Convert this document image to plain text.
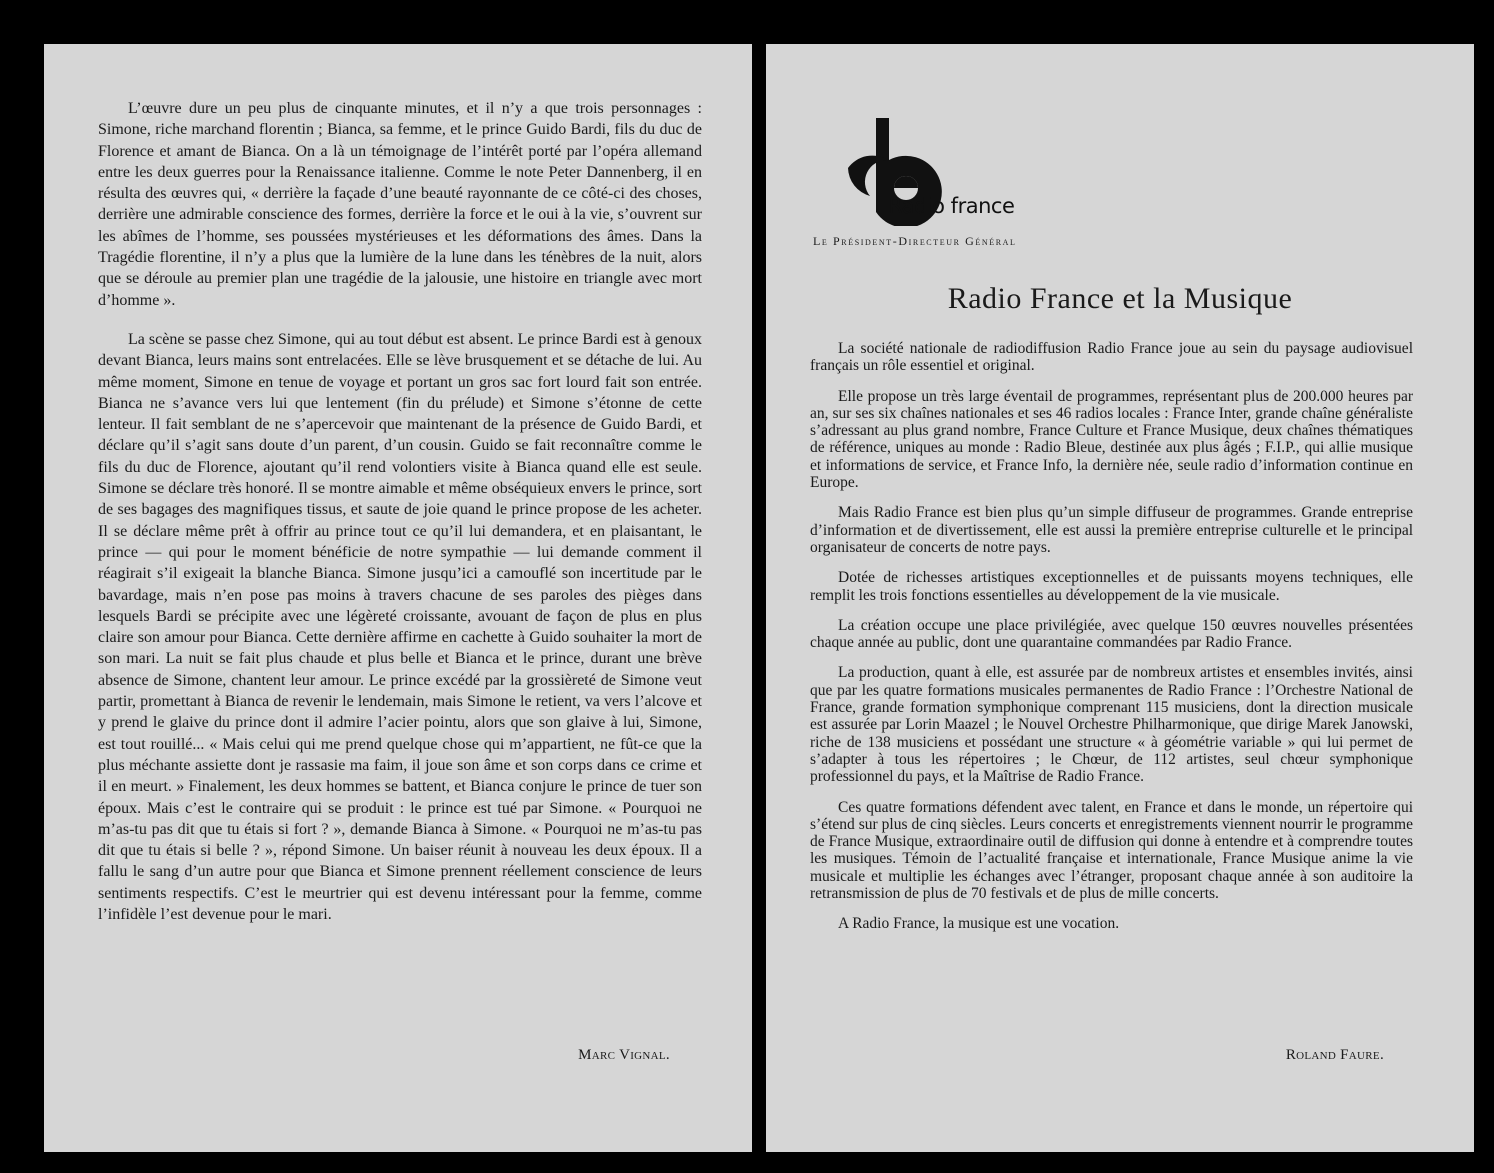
L’œuvre dure un peu plus de cinquante minutes, et il n’y a que trois personnages : Simone, riche marchand florentin ; Bianca, sa femme, et le prince Guido Bardi, fils du duc de Florence et amant de Bianca. On a là un témoignage de l’intérêt porté par l’opéra allemand entre les deux guerres pour la Renaissance italienne. Comme le note Peter Dannenberg, il en résulta des œuvres qui, « derrière la façade d’une beauté rayonnante de ce côté-ci des choses, derrière une admirable conscience des formes, derrière la force et le oui à la vie, s’ouvrent sur les abîmes de l’homme, ses poussées mystérieuses et les déformations des âmes. Dans la Tragédie florentine, il n’y a plus que la lumière de la lune dans les ténèbres de la nuit, alors que se déroule au premier plan une tragédie de la jalousie, une histoire en triangle avec mort d’homme ».

La scène se passe chez Simone, qui au tout début est absent. Le prince Bardi est à genoux devant Bianca, leurs mains sont entrelacées. Elle se lève brusquement et se détache de lui. Au même moment, Simone en tenue de voyage et portant un gros sac fort lourd fait son entrée. Bianca ne s’avance vers lui que lentement (fin du prélude) et Simone s’étonne de cette lenteur. Il fait semblant de ne s’apercevoir que maintenant de la présence de Guido Bardi, et déclare qu’il s’agit sans doute d’un parent, d’un cousin. Guido se fait reconnaître comme le fils du duc de Florence, ajoutant qu’il rend volontiers visite à Bianca quand elle est seule. Simone se déclare très honoré. Il se montre aimable et même obséquieux envers le prince, sort de ses bagages des magnifiques tissus, et saute de joie quand le prince propose de les acheter. Il se déclare même prêt à offrir au prince tout ce qu’il lui demandera, et en plaisantant, le prince — qui pour le moment bénéficie de notre sympathie — lui demande comment il réagirait s’il exigeait la blanche Bianca. Simone jusqu’ici a camouflé son incertitude par le bavardage, mais n’en pose pas moins à travers chacune de ses paroles des pièges dans lesquels Bardi se précipite avec une légèreté croissante, avouant de façon de plus en plus claire son amour pour Bianca. Cette dernière affirme en cachette à Guido souhaiter la mort de son mari. La nuit se fait plus chaude et plus belle et Bianca et le prince, durant une brève absence de Simone, chantent leur amour. Le prince excédé par la grossièreté de Simone veut partir, promettant à Bianca de revenir le lendemain, mais Simone le retient, va vers l’alcove et y prend le glaive du prince dont il admire l’acier pointu, alors que son glaive à lui, Simone, est tout rouillé... « Mais celui qui me prend quelque chose qui m’appartient, ne fût-ce que la plus méchante assiette dont je rassasie ma faim, il joue son âme et son corps dans ce crime et il en meurt. » Finalement, les deux hommes se battent, et Bianca conjure le prince de tuer son époux. Mais c’est le contraire qui se produit : le prince est tué par Simone. « Pourquoi ne m’as-tu pas dit que tu étais si fort ? », demande Bianca à Simone. « Pourquoi ne m’as-tu pas dit que tu étais si belle ? », répond Simone. Un baiser réunit à nouveau les deux époux. Il a fallu le sang d’un autre pour que Bianca et Simone prennent réellement conscience de leurs sentiments respectifs. C’est le meurtrier qui est devenu intéressant pour la femme, comme l’infidèle l’est devenue pour le mari.

Marc Vignal.
Radio france
Le Président-Directeur Général
Radio France et la Musique

La société nationale de radiodiffusion Radio France joue au sein du paysage audiovisuel français un rôle essentiel et original.

Elle propose un très large éventail de programmes, représentant plus de 200.000 heures par an, sur ses six chaînes nationales et ses 46 radios locales : France Inter, grande chaîne généraliste s’adressant au plus grand nombre, France Culture et France Musique, deux chaînes thématiques de référence, uniques au monde : Radio Bleue, destinée aux plus âgés ; F.I.P., qui allie musique et informations de service, et France Info, la dernière née, seule radio d’information continue en Europe.

Mais Radio France est bien plus qu’un simple diffuseur de programmes. Grande entreprise d’information et de divertissement, elle est aussi la première entreprise culturelle et le principal organisateur de concerts de notre pays.

Dotée de richesses artistiques exceptionnelles et de puissants moyens techniques, elle remplit les trois fonctions essentielles au développement de la vie musicale.

La création occupe une place privilégiée, avec quelque 150 œuvres nouvelles présentées chaque année au public, dont une quarantaine commandées par Radio France.

La production, quant à elle, est assurée par de nombreux artistes et ensembles invités, ainsi que par les quatre formations musicales permanentes de Radio France : l’Orchestre National de France, grande formation symphonique comprenant 115 musiciens, dont la direction musicale est assurée par Lorin Maazel ; le Nouvel Orchestre Philharmonique, que dirige Marek Janowski, riche de 138 musiciens et possédant une structure « à géométrie variable » qui lui permet de s’adapter à tous les répertoires ; le Chœur, de 112 artistes, seul chœur symphonique professionnel du pays, et la Maîtrise de Radio France.

Ces quatre formations défendent avec talent, en France et dans le monde, un répertoire qui s’étend sur plus de cinq siècles. Leurs concerts et enregistrements viennent nourrir le programme de France Musique, extraordinaire outil de diffusion qui donne à entendre et à comprendre toutes les musiques. Témoin de l’actualité française et internationale, France Musique anime la vie musicale et multiplie les échanges avec l’étranger, proposant chaque année à son auditoire la retransmission de plus de 70 festivals et de plus de mille concerts.

A Radio France, la musique est une vocation.

Roland Faure.
